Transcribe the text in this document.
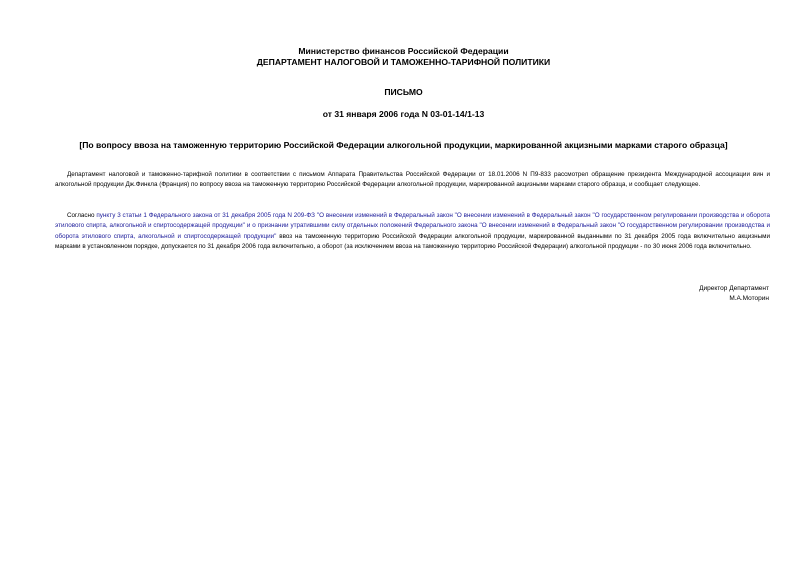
Министерство финансов Российской Федерации
ДЕПАРТАМЕНТ НАЛОГОВОЙ И ТАМОЖЕННО-ТАРИФНОЙ ПОЛИТИКИ
ПИСЬМО
от 31 января 2006 года N 03-01-14/1-13
[По вопросу ввоза на таможенную территорию Российской Федерации алкогольной продукции, маркированной акцизными марками старого образца]
Департамент налоговой и таможенно-тарифной политики в соответствии с письмом Аппарата Правительства Российской Федерации от 18.01.2006 N П9-833 рассмотрел обращение президента Международной ассоциации вин и алкогольной продукции Дж.Финкла (Франция) по вопросу ввоза на таможенную территорию Российской Федерации алкогольной продукции, маркированной акцизными марками старого образца, и сообщает следующее.
Согласно пункту 3 статьи 1 Федерального закона от 31 декабря 2005 года N 209-ФЗ "О внесении изменений в Федеральный закон "О внесении изменений в Федеральный закон "О государственном регулировании производства и оборота этилового спирта, алкогольной и спиртосодержащей продукции" и о признании утратившими силу отдельных положений Федерального закона "О внесении изменений в Федеральный закон "О государственном регулировании производства и оборота этилового спирта, алкогольной и спиртосодержащей продукции" ввоз на таможенную территорию Российской Федерации алкогольной продукции, маркированной выданными по 31 декабря 2005 года включительно акцизными марками в установленном порядке, допускается по 31 декабря 2006 года включительно, а оборот (за исключением ввоза на таможенную территорию Российской Федерации) алкогольной продукции - по 30 июня 2006 года включительно.
Директор Департамент
М.А.Моторин
